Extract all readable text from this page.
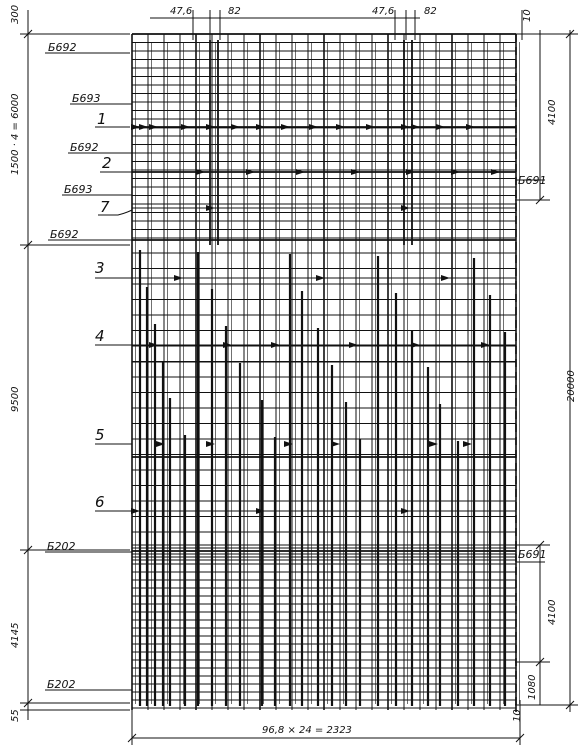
47,6	82	47,6	82	10
300
1500 · 4 = 6000
9500
4145
55
4100
20000
4100
1080
10
96,8 × 24 = 2323
Б692
Б693
Б692
Б693
Б692
Б691
Б202
Б691
Б202
1
2
7
3
4
5
6
